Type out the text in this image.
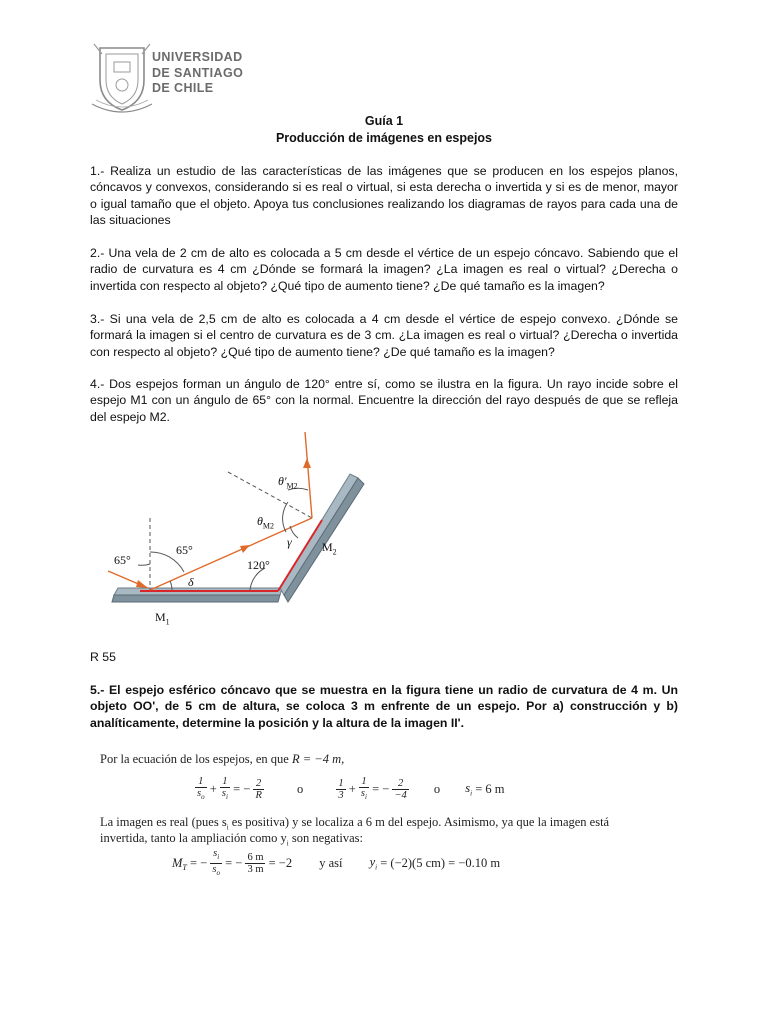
UNIVERSIDAD
DE SANTIAGO
DE CHILE
Guía 1
Producción de imágenes en espejos
1.- Realiza un estudio de las características de las imágenes que se producen en los espejos planos, cóncavos y convexos, considerando si es real o virtual, si esta derecha o invertida y si es de menor, mayor o igual tamaño que el objeto. Apoya tus conclusiones realizando los diagramas de rayos para cada una de las situaciones
2.- Una vela de 2 cm de alto es colocada a 5 cm desde el vértice de un espejo cóncavo. Sabiendo que el radio de curvatura es 4 cm ¿Dónde se formará la imagen? ¿La imagen es real o virtual? ¿Derecha o invertida con respecto al objeto? ¿Qué tipo de aumento tiene? ¿De qué tamaño es la imagen?
3.- Si una vela de 2,5 cm de alto es colocada a 4 cm desde el vértice de espejo convexo. ¿Dónde se formará la imagen si el centro de curvatura es de 3 cm. ¿La imagen es real o virtual? ¿Derecha o invertida con respecto al objeto? ¿Qué tipo de aumento tiene? ¿De qué tamaño es la imagen?
4.- Dos espejos forman un ángulo de 120° entre sí, como se ilustra en la figura. Un rayo incide sobre el espejo M1 con un ángulo de 65° con la normal. Encuentre la dirección del rayo después de que se refleja del espejo M2.
65°
65°
δ
120°
γ
$\theta_{M2}$
$\theta'_{M2}$
$M_1$
$M_2$
R 55
5.- El espejo esférico cóncavo que se muestra en la figura tiene un radio de curvatura de 4 m. Un objeto OO', de 5 cm de altura, se coloca 3 m enfrente de un espejo. Por a) construcción y b) analíticamente, determine la posición y la altura de la imagen II'.
Por la ecuación de los espejos, en que R = −4 m,
$\frac{1}{s_o} + \frac{1}{s_i}$ = − $\frac{2}{R}$	o	$\frac{1}{3} + \frac{1}{s_i}$ = − $\frac{2}{-4}$ o $s_i = 6$ m
La imagen es real (pues $s_i$ es positiva) y se localiza a 6 m del espejo. Asimismo, ya que la imagen está
invertida, tanto la ampliación como $y_i$ son negativas:
$M_T$ = − $\frac{s_i}{s_o}$ = − $\frac{6 m}{3 m} = -2$ y así $y_i = (-2)(5$ cm) = −0.10 m
